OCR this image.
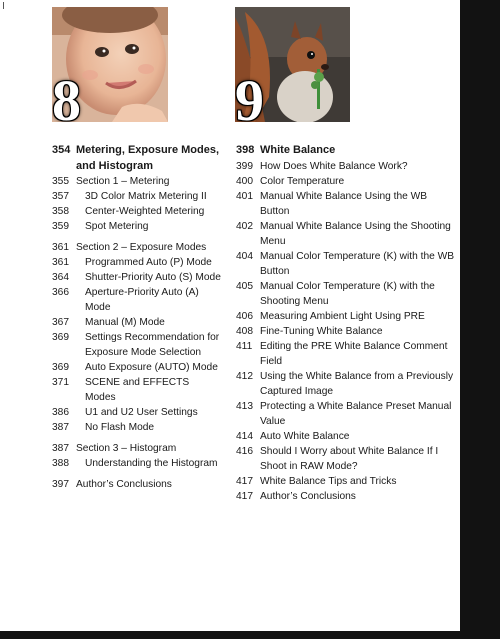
8	9
354 Metering, Exposure Modes, and Histogram
355 Section 1 – Metering
357	3D Color Matrix Metering II
358	Center-Weighted Metering
359	Spot Metering
361 Section 2 – Exposure Modes
361	Programmed Auto (P) Mode
364	Shutter-Priority Auto (S) Mode
366	Aperture-Priority Auto (A) Mode
367	Manual (M) Mode
369	Settings Recommendation for Exposure Mode Selection
369	Auto Exposure (AUTO) Mode
371	SCENE and EFFECTS Modes
386	U1 and U2 User Settings
387	No Flash Mode
387 Section 3 – Histogram
388	Understanding the Histogram
397 Author’s Conclusions
398 White Balance
399 How Does White Balance Work?
400 Color Temperature
401 Manual White Balance Using the WB Button
402 Manual White Balance Using the Shooting Menu
404 Manual Color Temperature (K) with the WB Button
405 Manual Color Temperature (K) with the Shooting Menu
406 Measuring Ambient Light Using PRE
408 Fine-Tuning White Balance
411 Editing the PRE White Balance Comment Field
412 Using the White Balance from a Previously Captured Image
413 Protecting a White Balance Preset Manual Value
414 Auto White Balance
416 Should I Worry about White Balance If I Shoot in RAW Mode?
417 White Balance Tips and Tricks
417 Author’s Conclusions
